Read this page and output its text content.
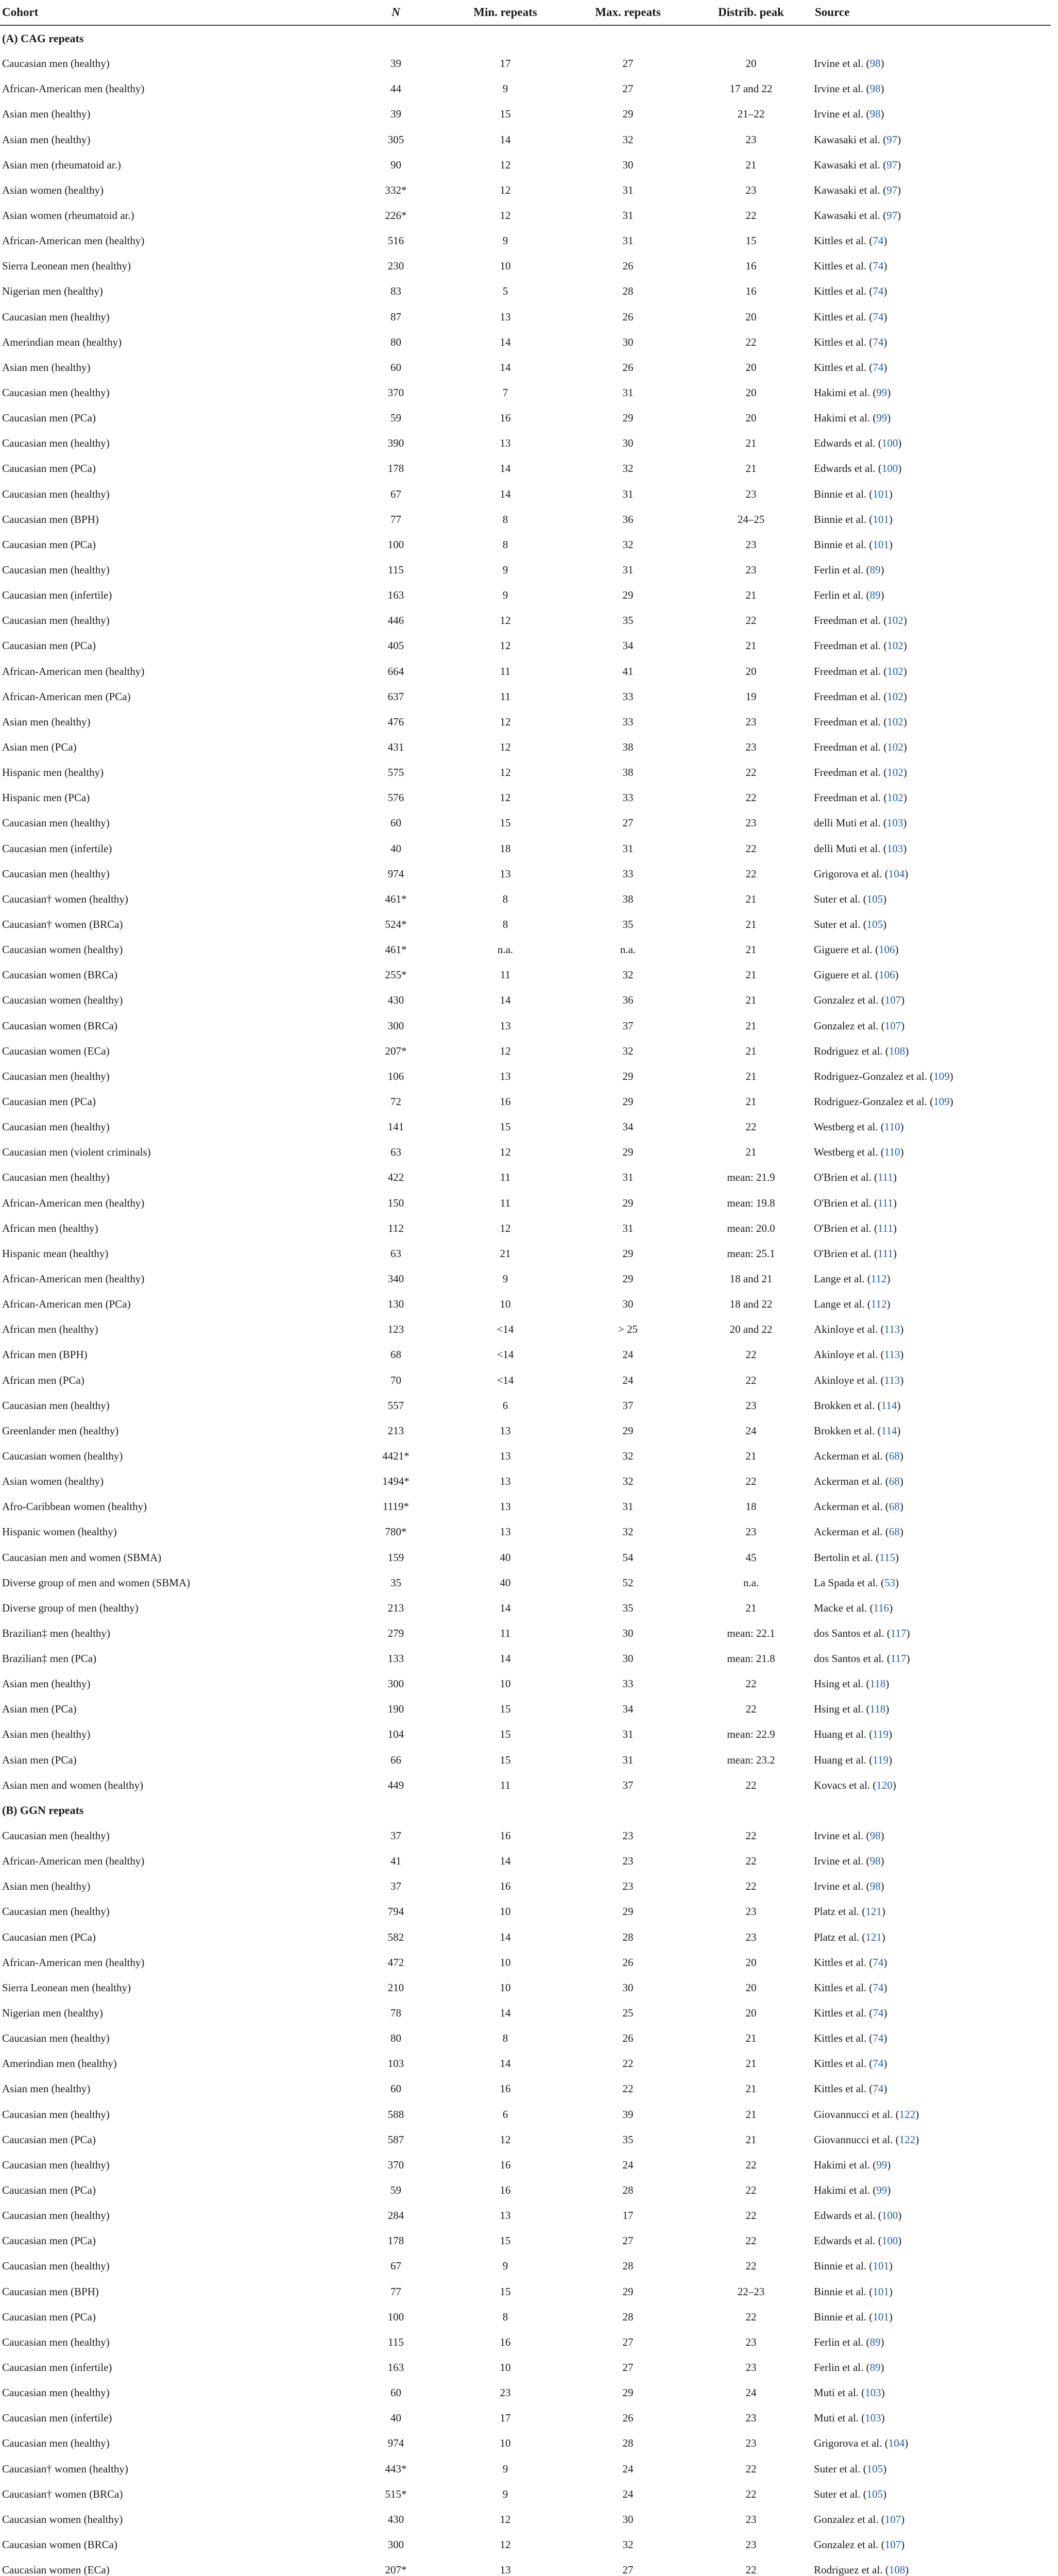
Cohort	N	Min. repeats	Max. repeats	Distrib. peak	Source
(A) CAG repeats					
Caucasian men (healthy)	39	17	27	20	Irvine et al. (98)
African-American men (healthy)	44	9	27	17 and 22	Irvine et al. (98)
Asian men (healthy)	39	15	29	21–22	Irvine et al. (98)
Asian men (healthy)	305	14	32	23	Kawasaki et al. (97)
Asian men (rheumatoid ar.)	90	12	30	21	Kawasaki et al. (97)
Asian women (healthy)	332*	12	31	23	Kawasaki et al. (97)
Asian women (rheumatoid ar.)	226*	12	31	22	Kawasaki et al. (97)
African-American men (healthy)	516	9	31	15	Kittles et al. (74)
Sierra Leonean men (healthy)	230	10	26	16	Kittles et al. (74)
Nigerian men (healthy)	83	5	28	16	Kittles et al. (74)
Caucasian men (healthy)	87	13	26	20	Kittles et al. (74)
Amerindian mean (healthy)	80	14	30	22	Kittles et al. (74)
Asian men (healthy)	60	14	26	20	Kittles et al. (74)
Caucasian men (healthy)	370	7	31	20	Hakimi et al. (99)
Caucasian men (PCa)	59	16	29	20	Hakimi et al. (99)
Caucasian men (healthy)	390	13	30	21	Edwards et al. (100)
Caucasian men (PCa)	178	14	32	21	Edwards et al. (100)
Caucasian men (healthy)	67	14	31	23	Binnie et al. (101)
Caucasian men (BPH)	77	8	36	24–25	Binnie et al. (101)
Caucasian men (PCa)	100	8	32	23	Binnie et al. (101)
Caucasian men (healthy)	115	9	31	23	Ferlin et al. (89)
Caucasian men (infertile)	163	9	29	21	Ferlin et al. (89)
Caucasian men (healthy)	446	12	35	22	Freedman et al. (102)
Caucasian men (PCa)	405	12	34	21	Freedman et al. (102)
African-American men (healthy)	664	11	41	20	Freedman et al. (102)
African-American men (PCa)	637	11	33	19	Freedman et al. (102)
Asian men (healthy)	476	12	33	23	Freedman et al. (102)
Asian men (PCa)	431	12	38	23	Freedman et al. (102)
Hispanic men (healthy)	575	12	38	22	Freedman et al. (102)
Hispanic men (PCa)	576	12	33	22	Freedman et al. (102)
Caucasian men (healthy)	60	15	27	23	delli Muti et al. (103)
Caucasian men (infertile)	40	18	31	22	delli Muti et al. (103)
Caucasian men (healthy)	974	13	33	22	Grigorova et al. (104)
Caucasian† women (healthy)	461*	8	38	21	Suter et al. (105)
Caucasian† women (BRCa)	524*	8	35	21	Suter et al. (105)
Caucasian women (healthy)	461*	n.a.	n.a.	21	Giguere et al. (106)
Caucasian women (BRCa)	255*	11	32	21	Giguere et al. (106)
Caucasian women (healthy)	430	14	36	21	Gonzalez et al. (107)
Caucasian women (BRCa)	300	13	37	21	Gonzalez et al. (107)
Caucasian women (ECa)	207*	12	32	21	Rodriguez et al. (108)
Caucasian men (healthy)	106	13	29	21	Rodriguez-Gonzalez et al. (109)
Caucasian men (PCa)	72	16	29	21	Rodriguez-Gonzalez et al. (109)
Caucasian men (healthy)	141	15	34	22	Westberg et al. (110)
Caucasian men (violent criminals)	63	12	29	21	Westberg et al. (110)
Caucasian men (healthy)	422	11	31	mean: 21.9	O'Brien et al. (111)
African-American men (healthy)	150	11	29	mean: 19.8	O'Brien et al. (111)
African men (healthy)	112	12	31	mean: 20.0	O'Brien et al. (111)
Hispanic mean (healthy)	63	21	29	mean: 25.1	O'Brien et al. (111)
African-American men (healthy)	340	9	29	18 and 21	Lange et al. (112)
African-American men (PCa)	130	10	30	18 and 22	Lange et al. (112)
African men (healthy)	123	<14	> 25	20 and 22	Akinloye et al. (113)
African men (BPH)	68	<14	24	22	Akinloye et al. (113)
African men (PCa)	70	<14	24	22	Akinloye et al. (113)
Caucasian men (healthy)	557	6	37	23	Brokken et al. (114)
Greenlander men (healthy)	213	13	29	24	Brokken et al. (114)
Caucasian women (healthy)	4421*	13	32	21	Ackerman et al. (68)
Asian women (healthy)	1494*	13	32	22	Ackerman et al. (68)
Afro-Caribbean women (healthy)	1119*	13	31	18	Ackerman et al. (68)
Hispanic women (healthy)	780*	13	32	23	Ackerman et al. (68)
Caucasian men and women (SBMA)	159	40	54	45	Bertolin et al. (115)
Diverse group of men and women (SBMA)	35	40	52	n.a.	La Spada et al. (53)
Diverse group of men (healthy)	213	14	35	21	Macke et al. (116)
Brazilian‡ men (healthy)	279	11	30	mean: 22.1	dos Santos et al. (117)
Brazilian‡ men (PCa)	133	14	30	mean: 21.8	dos Santos et al. (117)
Asian men (healthy)	300	10	33	22	Hsing et al. (118)
Asian men (PCa)	190	15	34	22	Hsing et al. (118)
Asian men (healthy)	104	15	31	mean: 22.9	Huang et al. (119)
Asian men (PCa)	66	15	31	mean: 23.2	Huang et al. (119)
Asian men and women (healthy)	449	11	37	22	Kovacs et al. (120)
(B) GGN repeats					
Caucasian men (healthy)	37	16	23	22	Irvine et al. (98)
African-American men (healthy)	41	14	23	22	Irvine et al. (98)
Asian men (healthy)	37	16	23	22	Irvine et al. (98)
Caucasian men (healthy)	794	10	29	23	Platz et al. (121)
Caucasian men (PCa)	582	14	28	23	Platz et al. (121)
African-American men (healthy)	472	10	26	20	Kittles et al. (74)
Sierra Leonean men (healthy)	210	10	30	20	Kittles et al. (74)
Nigerian men (healthy)	78	14	25	20	Kittles et al. (74)
Caucasian men (healthy)	80	8	26	21	Kittles et al. (74)
Amerindian men (healthy)	103	14	22	21	Kittles et al. (74)
Asian men (healthy)	60	16	22	21	Kittles et al. (74)
Caucasian men (healthy)	588	6	39	21	Giovannucci et al. (122)
Caucasian men (PCa)	587	12	35	21	Giovannucci et al. (122)
Caucasian men (healthy)	370	16	24	22	Hakimi et al. (99)
Caucasian men (PCa)	59	16	28	22	Hakimi et al. (99)
Caucasian men (healthy)	284	13	17	22	Edwards et al. (100)
Caucasian men (PCa)	178	15	27	22	Edwards et al. (100)
Caucasian men (healthy)	67	9	28	22	Binnie et al. (101)
Caucasian men (BPH)	77	15	29	22–23	Binnie et al. (101)
Caucasian men (PCa)	100	8	28	22	Binnie et al. (101)
Caucasian men (healthy)	115	16	27	23	Ferlin et al. (89)
Caucasian men (infertile)	163	10	27	23	Ferlin et al. (89)
Caucasian men (healthy)	60	23	29	24	Muti et al. (103)
Caucasian men (infertile)	40	17	26	23	Muti et al. (103)
Caucasian men (healthy)	974	10	28	23	Grigorova et al. (104)
Caucasian† women (healthy)	443*	9	24	22	Suter et al. (105)
Caucasian† women (BRCa)	515*	9	24	22	Suter et al. (105)
Caucasian women (healthy)	430	12	30	23	Gonzalez et al. (107)
Caucasian women (BRCa)	300	12	32	23	Gonzalez et al. (107)
Caucasian women (ECa)	207*	13	27	22	Rodriguez et al. (108)
